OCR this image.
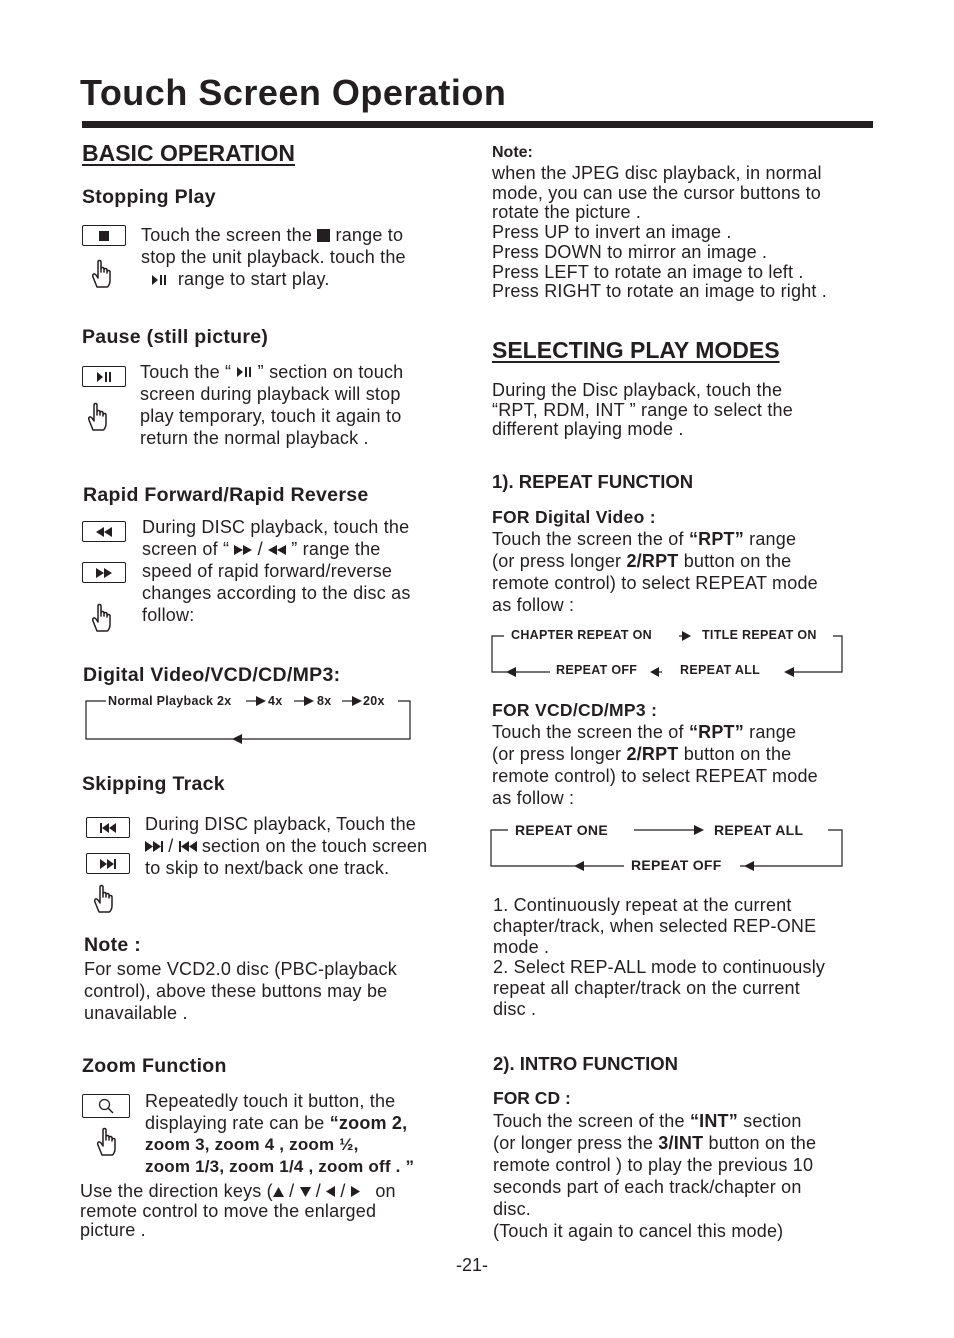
Touch Screen Operation
BASIC OPERATION
Stopping Play
Touch the screen the range to
stop the unit playback. touch the
range to start play.
Pause (still picture)
Touch the “ ” section on touch
screen during playback will stop
play temporary, touch it again to
return the normal playback .
Rapid Forward/Rapid Reverse
During DISC playback, touch the
screen of “ / ” range the
speed of rapid forward/reverse
changes according to the disc as
follow:
Digital Video/VCD/CD/MP3:
Normal Playback 2x	4x	8x	20x
Skipping Track
During DISC playback, Touch the
/ section on the touch screen
to skip to next/back one track.
Note :
For some VCD2.0 disc (PBC-playback
control), above these buttons may be
unavailable .
Zoom Function
Repeatedly touch it button, the
displaying rate can be “zoom 2,
zoom 3, zoom 4 , zoom ½,
zoom 1/3, zoom 1/4 , zoom off . ”
Use the direction keys ( / / / on
remote control to move the enlarged
picture .
Note:
when the JPEG disc playback, in normal
mode, you can use the cursor buttons to
rotate the picture .
Press UP to invert an image .
Press DOWN to mirror an image .
Press LEFT to rotate an image to left .
Press RIGHT to rotate an image to right .
SELECTING PLAY MODES
During the Disc playback, touch the
“RPT, RDM, INT ” range to select the
different playing mode .
1). REPEAT FUNCTION
FOR Digital Video :
Touch the screen the of “RPT” range
(or press longer 2/RPT button on the
remote control) to select REPEAT mode
as follow :
CHAPTER REPEAT ON	TITLE REPEAT ON
REPEAT OFF	REPEAT ALL
FOR VCD/CD/MP3 :
Touch the screen the of “RPT” range
(or press longer 2/RPT button on the
remote control) to select REPEAT mode
as follow :
REPEAT ONE	REPEAT ALL
REPEAT OFF
1. Continuously repeat at the current
chapter/track, when selected REP-ONE
mode .
2. Select REP-ALL mode to continuously
repeat all chapter/track on the current
disc .
2). INTRO FUNCTION
FOR CD :
Touch the screen of the “INT” section
(or longer press the 3/INT button on the
remote control ) to play the previous 10
seconds part of each track/chapter on
disc.
(Touch it again to cancel this mode)
-21-
